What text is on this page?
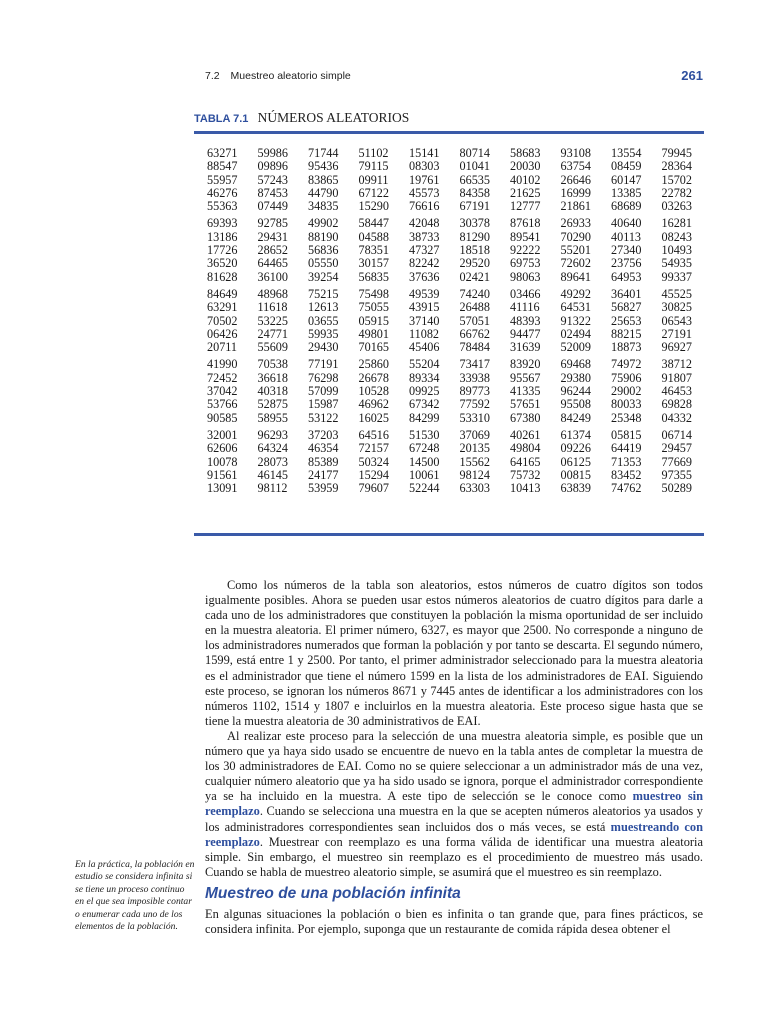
7.2 Muestreo aleatorio simple	261
TABLA 7.1 NÚMEROS ALEATORIOS
63271	59986	71744	51102	15141	80714	58683	93108	13554	79945
88547	09896	95436	79115	08303	01041	20030	63754	08459	28364
55957	57243	83865	09911	19761	66535	40102	26646	60147	15702
46276	87453	44790	67122	45573	84358	21625	16999	13385	22782
55363	07449	34835	15290	76616	67191	12777	21861	68689	03263
69393	92785	49902	58447	42048	30378	87618	26933	40640	16281
13186	29431	88190	04588	38733	81290	89541	70290	40113	08243
17726	28652	56836	78351	47327	18518	92222	55201	27340	10493
36520	64465	05550	30157	82242	29520	69753	72602	23756	54935
81628	36100	39254	56835	37636	02421	98063	89641	64953	99337
84649	48968	75215	75498	49539	74240	03466	49292	36401	45525
63291	11618	12613	75055	43915	26488	41116	64531	56827	30825
70502	53225	03655	05915	37140	57051	48393	91322	25653	06543
06426	24771	59935	49801	11082	66762	94477	02494	88215	27191
20711	55609	29430	70165	45406	78484	31639	52009	18873	96927
41990	70538	77191	25860	55204	73417	83920	69468	74972	38712
72452	36618	76298	26678	89334	33938	95567	29380	75906	91807
37042	40318	57099	10528	09925	89773	41335	96244	29002	46453
53766	52875	15987	46962	67342	77592	57651	95508	80033	69828
90585	58955	53122	16025	84299	53310	67380	84249	25348	04332
32001	96293	37203	64516	51530	37069	40261	61374	05815	06714
62606	64324	46354	72157	67248	20135	49804	09226	64419	29457
10078	28073	85389	50324	14500	15562	64165	06125	71353	77669
91561	46145	24177	15294	10061	98124	75732	00815	83452	97355
13091	98112	53959	79607	52244	63303	10413	63839	74762	50289

Como los números de la tabla son aleatorios, estos números de cuatro dígitos son todos igualmente posibles. Ahora se pueden usar estos números aleatorios de cuatro dígitos para darle a cada uno de los administradores que constituyen la población la misma oportunidad de ser incluido en la muestra aleatoria. El primer número, 6327, es mayor que 2500. No corresponde a ninguno de los administradores numerados que forman la población y por tanto se descarta. El segundo número, 1599, está entre 1 y 2500. Por tanto, el primer administrador seleccionado para la muestra aleatoria es el administrador que tiene el número 1599 en la lista de los administradores de EAI. Siguiendo este proceso, se ignoran los números 8671 y 7445 antes de identificar a los administradores con los números 1102, 1514 y 1807 e incluirlos en la muestra aleatoria. Este proceso sigue hasta que se tiene la muestra aleatoria de 30 administrativos de EAI.

Al realizar este proceso para la selección de una muestra aleatoria simple, es posible que un número que ya haya sido usado se encuentre de nuevo en la tabla antes de completar la muestra de los 30 administradores de EAI. Como no se quiere seleccionar a un administrador más de una vez, cualquier número aleatorio que ya ha sido usado se ignora, porque el administrador correspondiente ya se ha incluido en la muestra. A este tipo de selección se le conoce como muestreo sin reemplazo. Cuando se selecciona una muestra en la que se acepten números aleatorios ya usados y los administradores correspondientes sean incluidos dos o más veces, se está muestreando con reemplazo. Muestrear con reemplazo es una forma válida de identificar una muestra aleatoria simple. Sin embargo, el muestreo sin reemplazo es el procedimiento de muestreo más usado. Cuando se habla de muestreo aleatorio simple, se asumirá que el muestreo es sin reemplazo.

Muestreo de una población infinita

En algunas situaciones la población o bien es infinita o tan grande que, para fines prácticos, se considera infinita. Por ejemplo, suponga que un restaurante de comida rápida desea obtener el

En la práctica, la población en estudio se considera infinita si se tiene un proceso continuo en el que sea imposible contar o enumerar cada uno de los elementos de la población.
